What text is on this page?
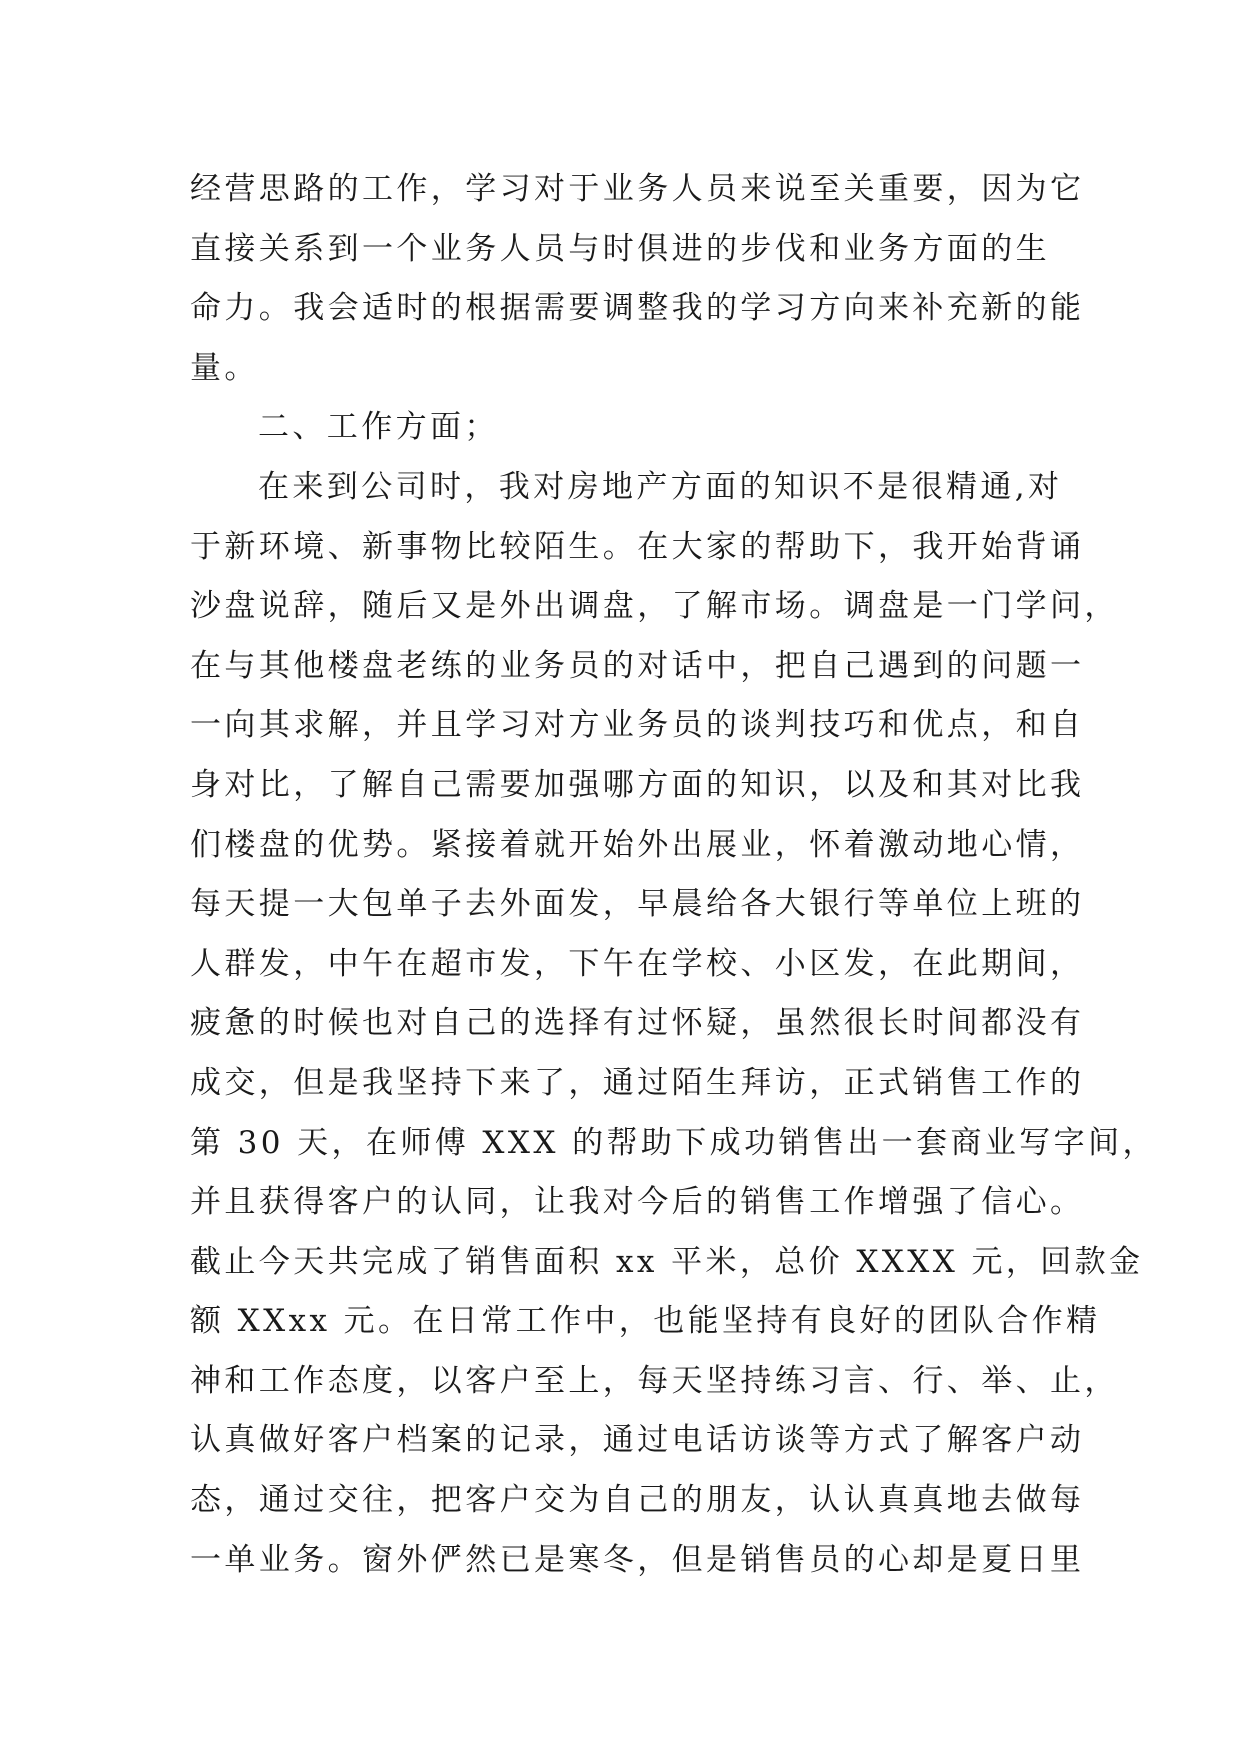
经营思路的工作，学习对于业务人员来说至关重要，因为它
直接关系到一个业务人员与时俱进的步伐和业务方面的生
命力。我会适时的根据需要调整我的学习方向来补充新的能
量。
二、工作方面；
在来到公司时，我对房地产方面的知识不是很精通,对
于新环境、新事物比较陌生。在大家的帮助下，我开始背诵
沙盘说辞，随后又是外出调盘，了解市场。调盘是一门学问，
在与其他楼盘老练的业务员的对话中，把自己遇到的问题一
一向其求解，并且学习对方业务员的谈判技巧和优点，和自
身对比，了解自己需要加强哪方面的知识，以及和其对比我
们楼盘的优势。紧接着就开始外出展业，怀着激动地心情，
每天提一大包单子去外面发，早晨给各大银行等单位上班的
人群发，中午在超市发，下午在学校、小区发，在此期间，
疲惫的时候也对自己的选择有过怀疑，虽然很长时间都没有
成交，但是我坚持下来了，通过陌生拜访，正式销售工作的
第 30 天，在师傅 XXX 的帮助下成功销售出一套商业写字间，
并且获得客户的认同，让我对今后的销售工作增强了信心。
截止今天共完成了销售面积 xx 平米，总价 XXXX 元，回款金
额 XXxx 元。在日常工作中，也能坚持有良好的团队合作精
神和工作态度，以客户至上，每天坚持练习言、行、举、止，
认真做好客户档案的记录，通过电话访谈等方式了解客户动
态，通过交往，把客户交为自己的朋友，认认真真地去做每
一单业务。窗外俨然已是寒冬，但是销售员的心却是夏日里
